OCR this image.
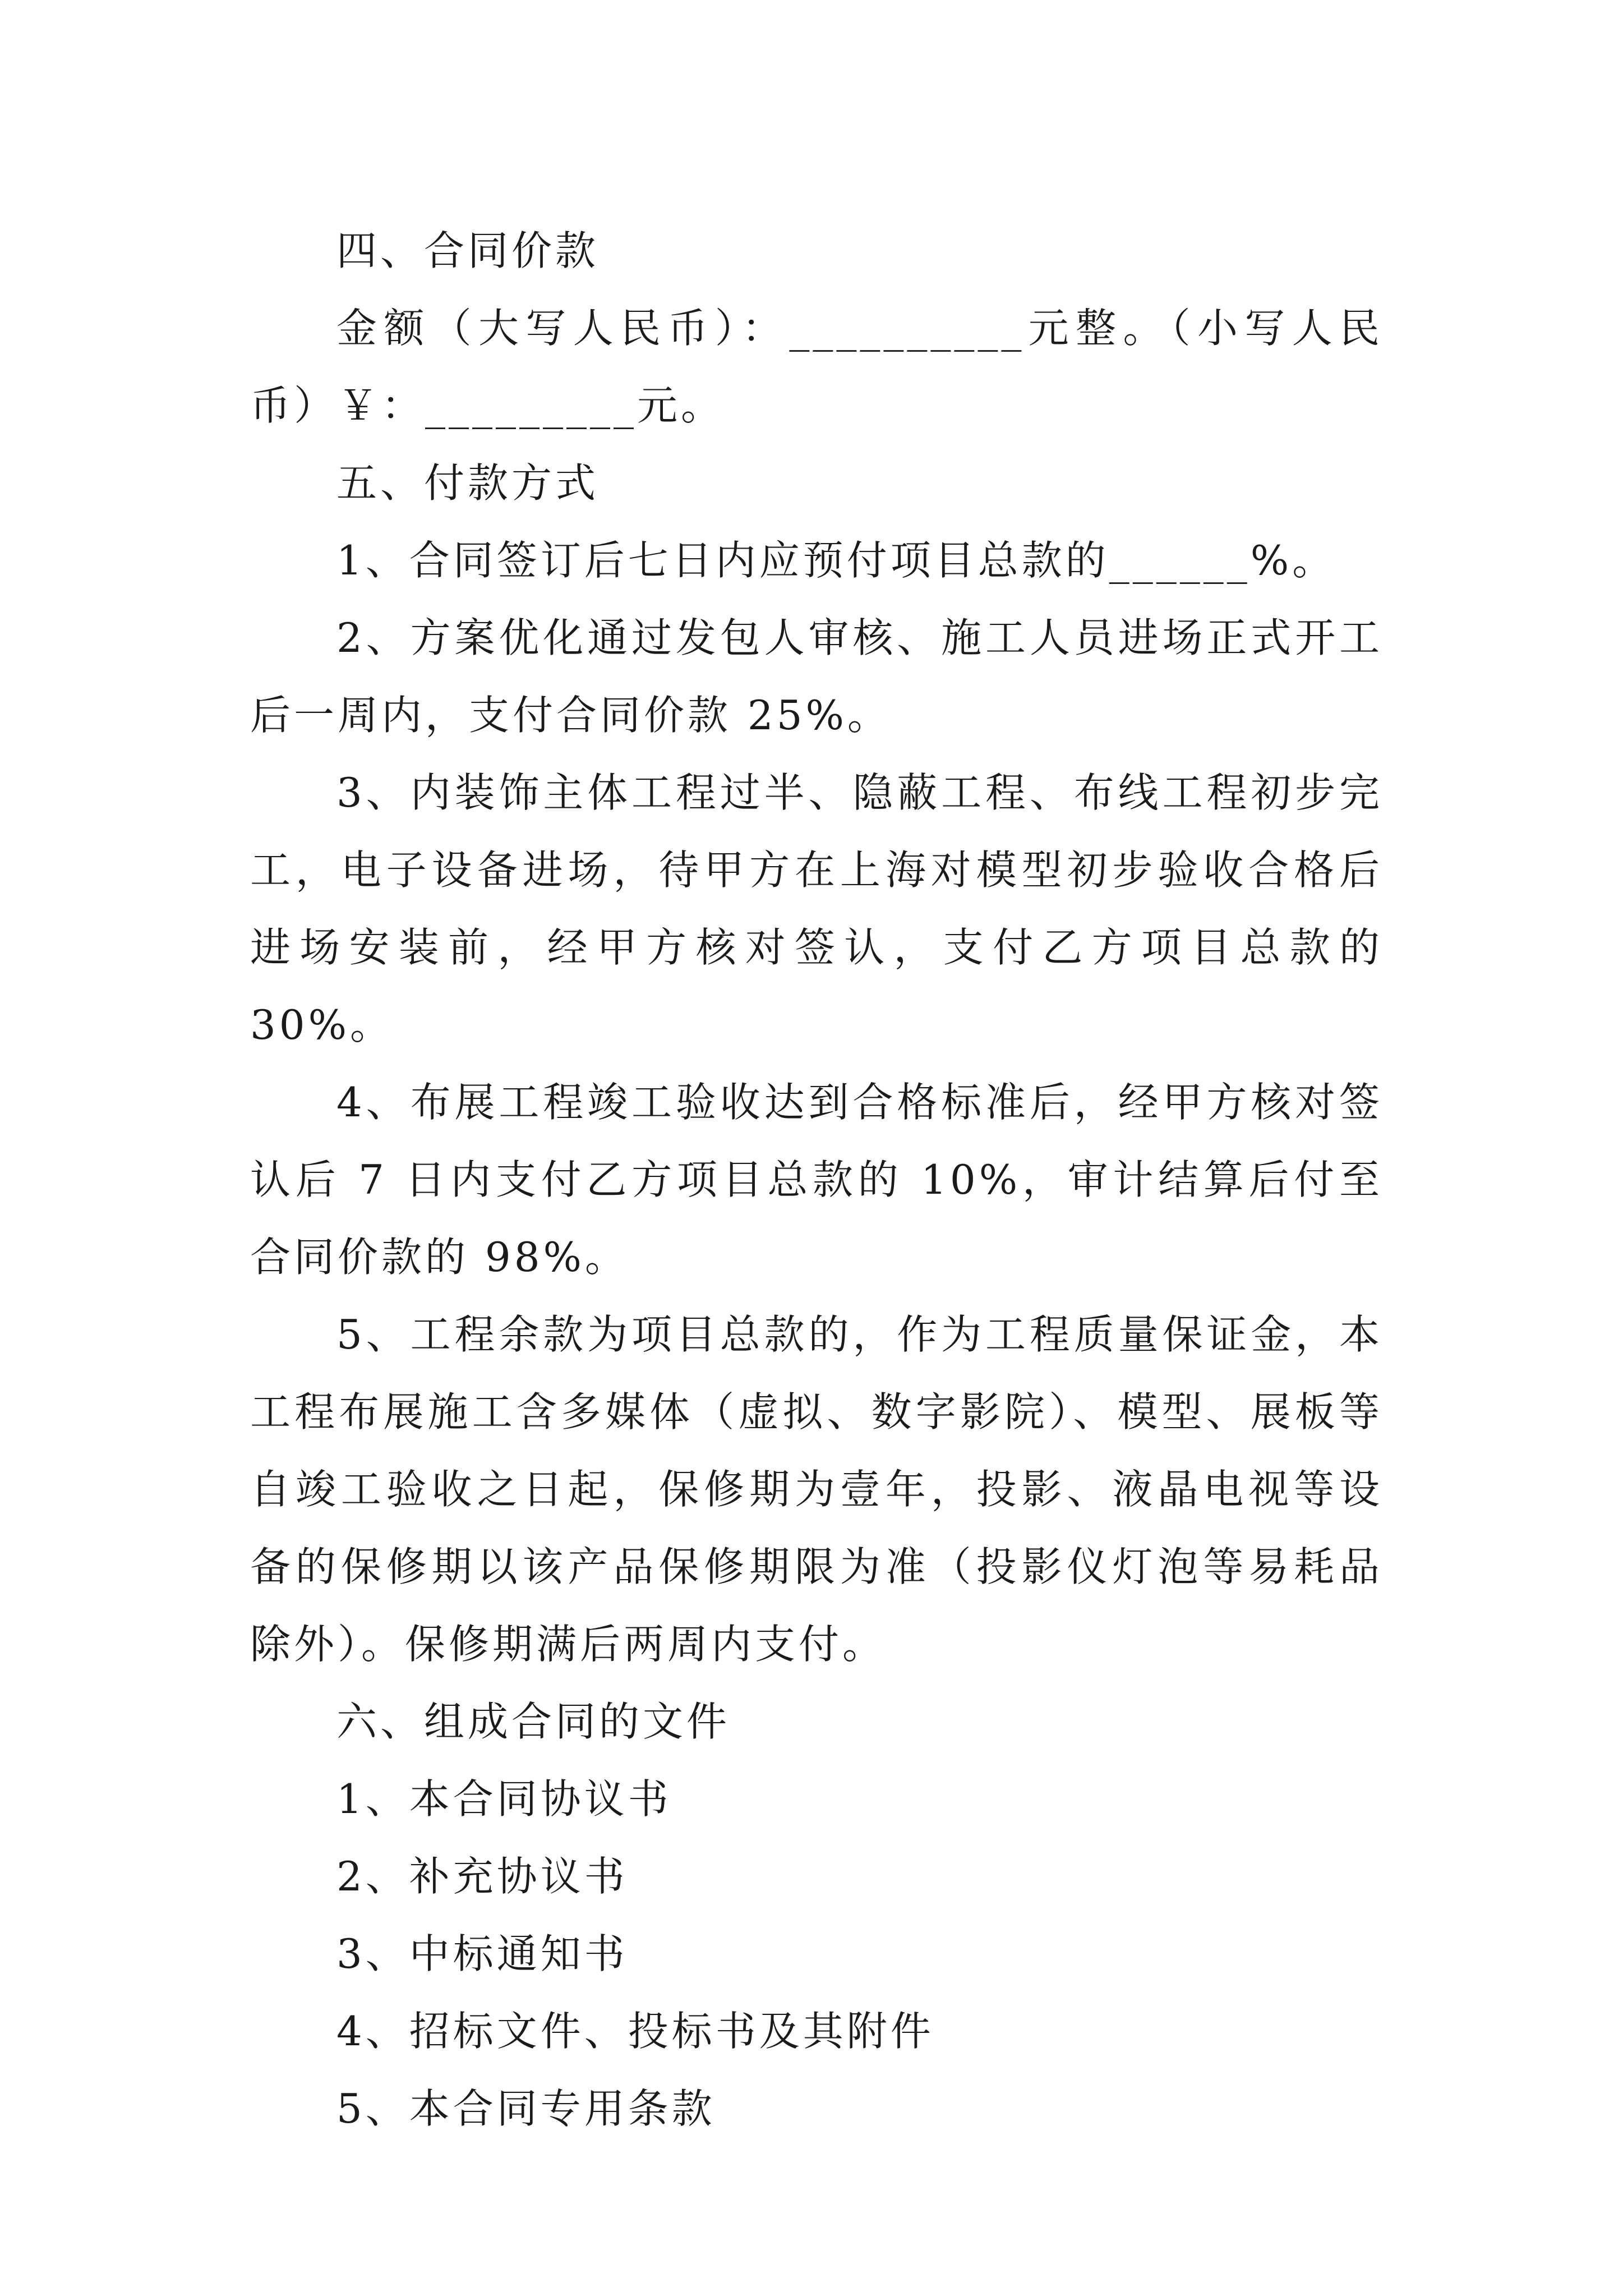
四、合同价款

金额（大写人民币）：__________元整。（小写人民币）￥：_________元。

五、付款方式

1、合同签订后七日内应预付项目总款的______%。

2、方案优化通过发包人审核、施工人员进场正式开工后一周内，支付合同价款 25%。

3、内装饰主体工程过半、隐蔽工程、布线工程初步完工，电子设备进场，待甲方在上海对模型初步验收合格后进场安装前，经甲方核对签认，支付乙方项目总款的 30%。

4、布展工程竣工验收达到合格标准后，经甲方核对签认后 7 日内支付乙方项目总款的 10%，审计结算后付至合同价款的 98%。

5、工程余款为项目总款的，作为工程质量保证金，本工程布展施工含多媒体（虚拟、数字影院）、模型、展板等自竣工验收之日起，保修期为壹年，投影、液晶电视等设备的保修期以该产品保修期限为准（投影仪灯泡等易耗品除外）。保修期满后两周内支付。

六、组成合同的文件

1、本合同协议书

2、补充协议书

3、中标通知书

4、招标文件、投标书及其附件

5、本合同专用条款
